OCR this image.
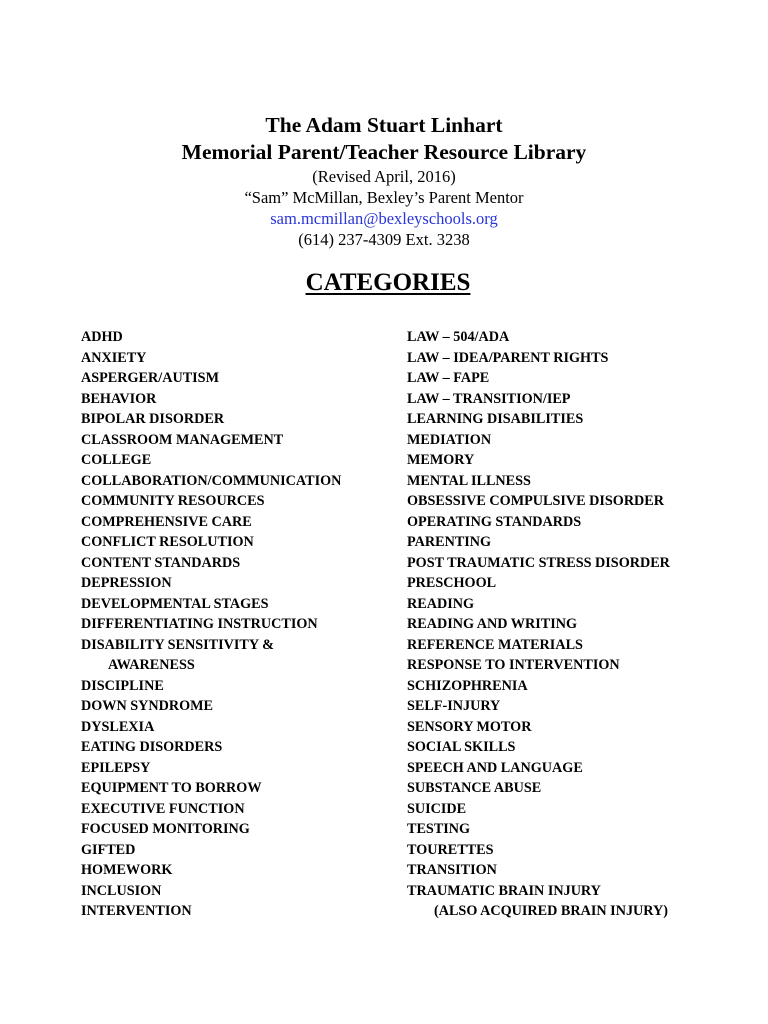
The Adam Stuart Linhart

Memorial Parent/Teacher Resource Library

(Revised April, 2016)

“Sam” McMillan, Bexley’s Parent Mentor

sam.mcmillan@bexleyschools.org

(614) 237-4309 Ext. 3238

CATEGORIES
ADHD
ANXIETY
ASPERGER/AUTISM
BEHAVIOR
BIPOLAR DISORDER
CLASSROOM MANAGEMENT
COLLEGE
COLLABORATION/COMMUNICATION
COMMUNITY RESOURCES
COMPREHENSIVE CARE
CONFLICT RESOLUTION
CONTENT STANDARDS
DEPRESSION
DEVELOPMENTAL STAGES
DIFFERENTIATING INSTRUCTION
DISABILITY SENSITIVITY &
AWARENESS
DISCIPLINE
DOWN SYNDROME
DYSLEXIA
EATING DISORDERS
EPILEPSY
EQUIPMENT TO BORROW
EXECUTIVE FUNCTION
FOCUSED MONITORING
GIFTED
HOMEWORK
INCLUSION
INTERVENTION
LAW – 504/ADA
LAW – IDEA/PARENT RIGHTS
LAW – FAPE
LAW – TRANSITION/IEP
LEARNING DISABILITIES
MEDIATION
MEMORY
MENTAL ILLNESS
OBSESSIVE COMPULSIVE DISORDER
OPERATING STANDARDS
PARENTING
POST TRAUMATIC STRESS DISORDER
PRESCHOOL
READING
READING AND WRITING
REFERENCE MATERIALS
RESPONSE TO INTERVENTION
SCHIZOPHRENIA
SELF-INJURY
SENSORY MOTOR
SOCIAL SKILLS
SPEECH AND LANGUAGE
SUBSTANCE ABUSE
SUICIDE
TESTING
TOURETTES
TRANSITION
TRAUMATIC BRAIN INJURY
(ALSO ACQUIRED BRAIN INJURY)
